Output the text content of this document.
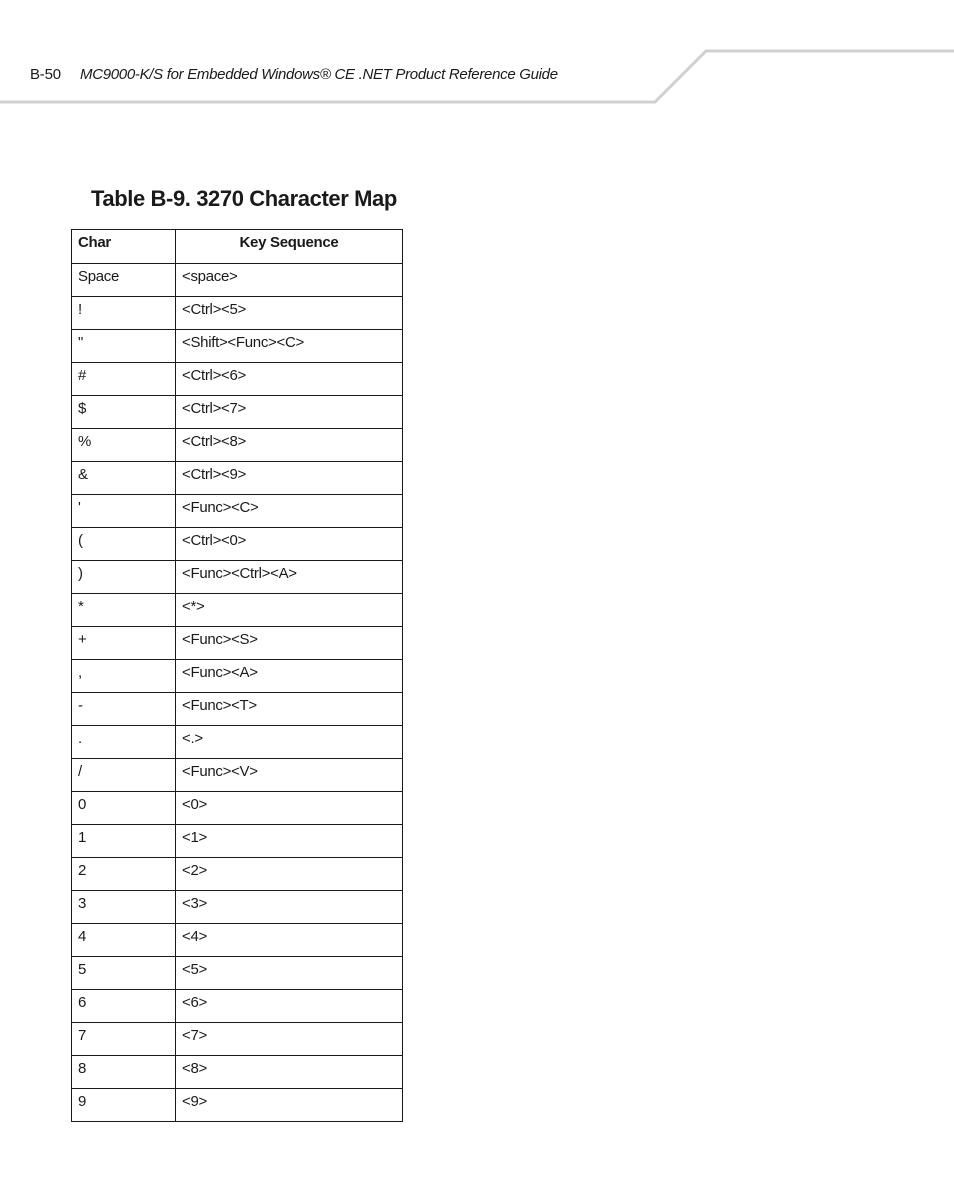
B-50 MC9000-K/S for Embedded Windows® CE .NET Product Reference Guide
Table B-9. 3270 Character Map
Char	Key Sequence
Space	<space>
!	<Ctrl><5>
"	<Shift><Func><C>
#	<Ctrl><6>
$	<Ctrl><7>
%	<Ctrl><8>
&	<Ctrl><9>
'	<Func><C>
(	<Ctrl><0>
)	<Func><Ctrl><A>
*	<*>
+	<Func><S>
,	<Func><A>
-	<Func><T>
.	<.>
/	<Func><V>
0	<0>
1	<1>
2	<2>
3	<3>
4	<4>
5	<5>
6	<6>
7	<7>
8	<8>
9	<9>
